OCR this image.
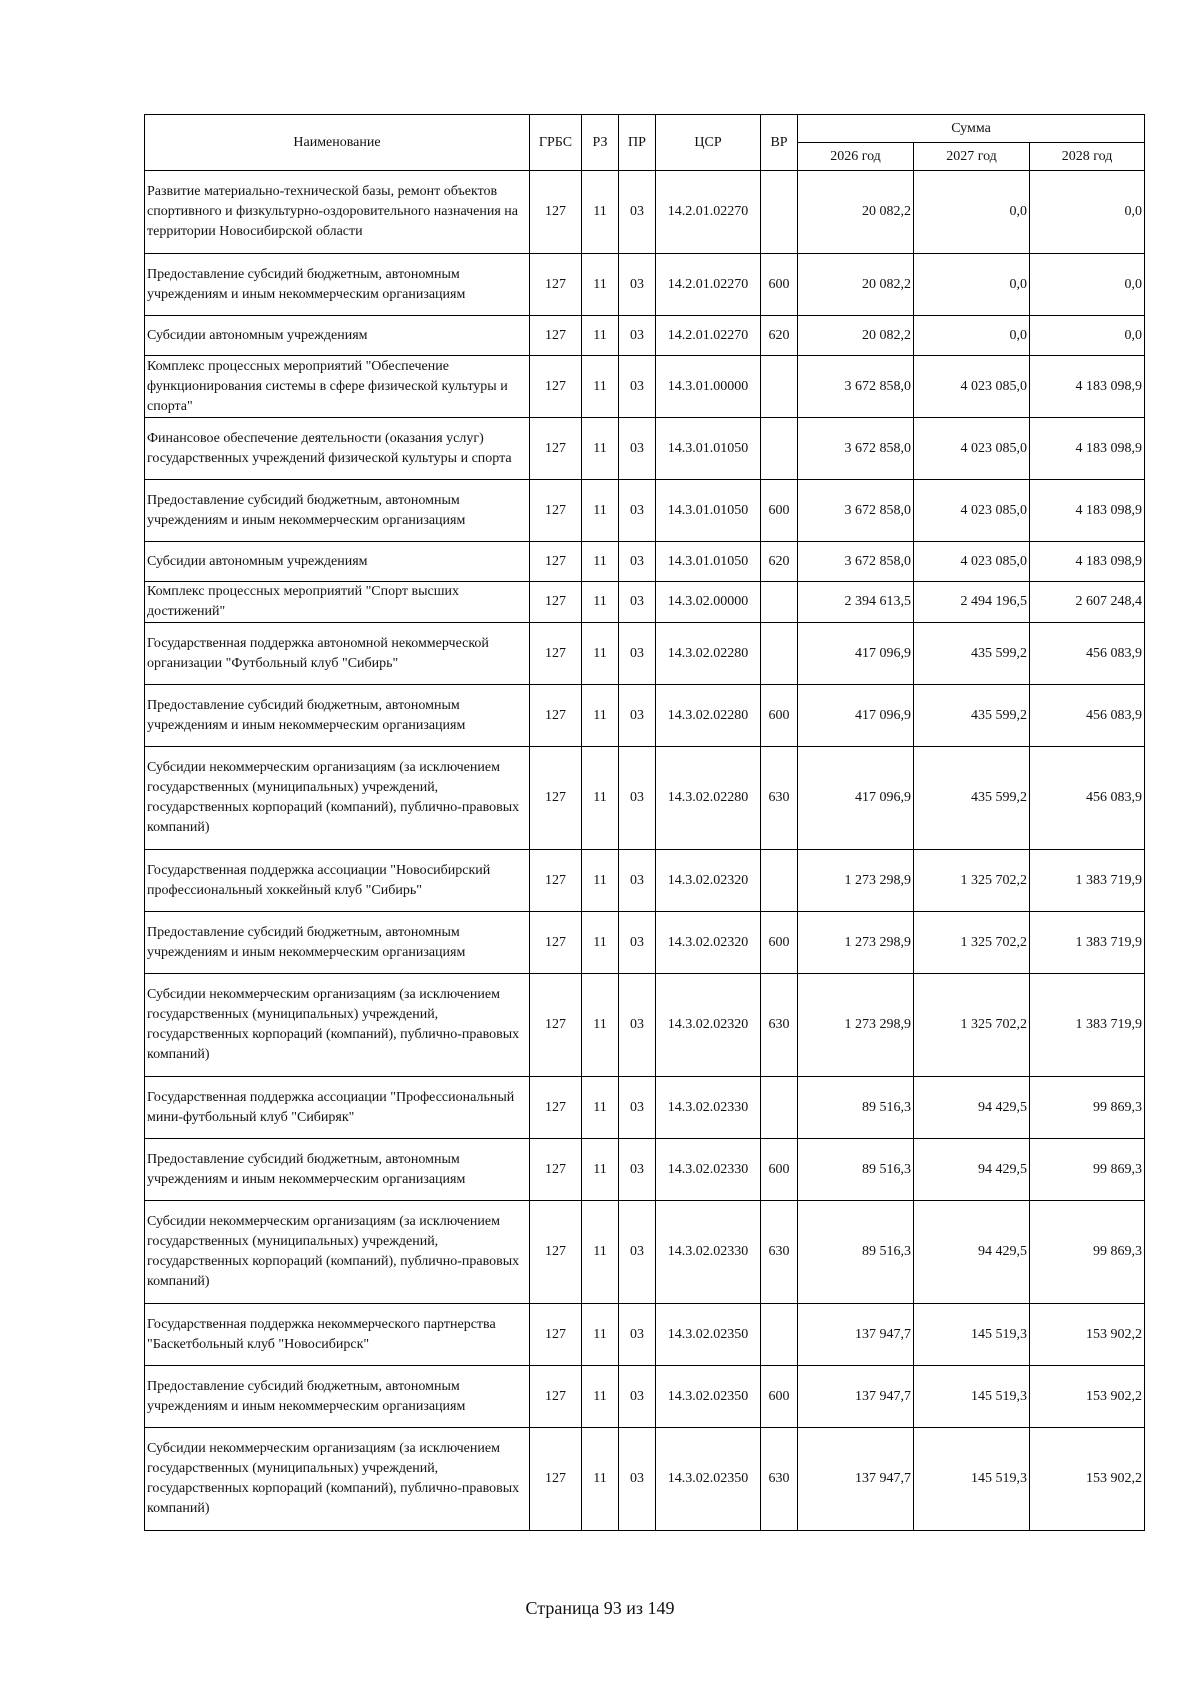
Наименование	ГРБС	РЗ	ПР	ЦСР	ВР	Сумма		
						2026 год	2027 год	2028 год
Развитие материально-технической базы, ремонт объектов спортивного и физкультурно-оздоровительного назначения на территории Новосибирской области	127	11	03	14.2.01.02270		20 082,2	0,0	0,0
Предоставление субсидий бюджетным, автономным учреждениям и иным некоммерческим организациям	127	11	03	14.2.01.02270	600	20 082,2	0,0	0,0
Субсидии автономным учреждениям	127	11	03	14.2.01.02270	620	20 082,2	0,0	0,0
Комплекс процессных мероприятий "Обеспечение функционирования системы в сфере физической культуры и спорта"	127	11	03	14.3.01.00000		3 672 858,0	4 023 085,0	4 183 098,9
Финансовое обеспечение деятельности (оказания услуг) государственных учреждений физической культуры и спорта	127	11	03	14.3.01.01050		3 672 858,0	4 023 085,0	4 183 098,9
Предоставление субсидий бюджетным, автономным учреждениям и иным некоммерческим организациям	127	11	03	14.3.01.01050	600	3 672 858,0	4 023 085,0	4 183 098,9
Субсидии автономным учреждениям	127	11	03	14.3.01.01050	620	3 672 858,0	4 023 085,0	4 183 098,9
Комплекс процессных мероприятий "Спорт высших достижений"	127	11	03	14.3.02.00000		2 394 613,5	2 494 196,5	2 607 248,4
Государственная поддержка автономной некоммерческой организации "Футбольный клуб "Сибирь"	127	11	03	14.3.02.02280		417 096,9	435 599,2	456 083,9
Предоставление субсидий бюджетным, автономным учреждениям и иным некоммерческим организациям	127	11	03	14.3.02.02280	600	417 096,9	435 599,2	456 083,9
Субсидии некоммерческим организациям (за исключением государственных (муниципальных) учреждений, государственных корпораций (компаний), публично-правовых компаний)	127	11	03	14.3.02.02280	630	417 096,9	435 599,2	456 083,9
Государственная поддержка ассоциации "Новосибирский профессиональный хоккейный клуб "Сибирь"	127	11	03	14.3.02.02320		1 273 298,9	1 325 702,2	1 383 719,9
Предоставление субсидий бюджетным, автономным учреждениям и иным некоммерческим организациям	127	11	03	14.3.02.02320	600	1 273 298,9	1 325 702,2	1 383 719,9
Субсидии некоммерческим организациям (за исключением государственных (муниципальных) учреждений, государственных корпораций (компаний), публично-правовых компаний)	127	11	03	14.3.02.02320	630	1 273 298,9	1 325 702,2	1 383 719,9
Государственная поддержка ассоциации "Профессиональный мини-футбольный клуб "Сибиряк"	127	11	03	14.3.02.02330		89 516,3	94 429,5	99 869,3
Предоставление субсидий бюджетным, автономным учреждениям и иным некоммерческим организациям	127	11	03	14.3.02.02330	600	89 516,3	94 429,5	99 869,3
Субсидии некоммерческим организациям (за исключением государственных (муниципальных) учреждений, государственных корпораций (компаний), публично-правовых компаний)	127	11	03	14.3.02.02330	630	89 516,3	94 429,5	99 869,3
Государственная поддержка некоммерческого партнерства "Баскетбольный клуб "Новосибирск"	127	11	03	14.3.02.02350		137 947,7	145 519,3	153 902,2
Предоставление субсидий бюджетным, автономным учреждениям и иным некоммерческим организациям	127	11	03	14.3.02.02350	600	137 947,7	145 519,3	153 902,2
Субсидии некоммерческим организациям (за исключением государственных (муниципальных) учреждений, государственных корпораций (компаний), публично-правовых компаний)	127	11	03	14.3.02.02350	630	137 947,7	145 519,3	153 902,2
Страница 93 из 149
